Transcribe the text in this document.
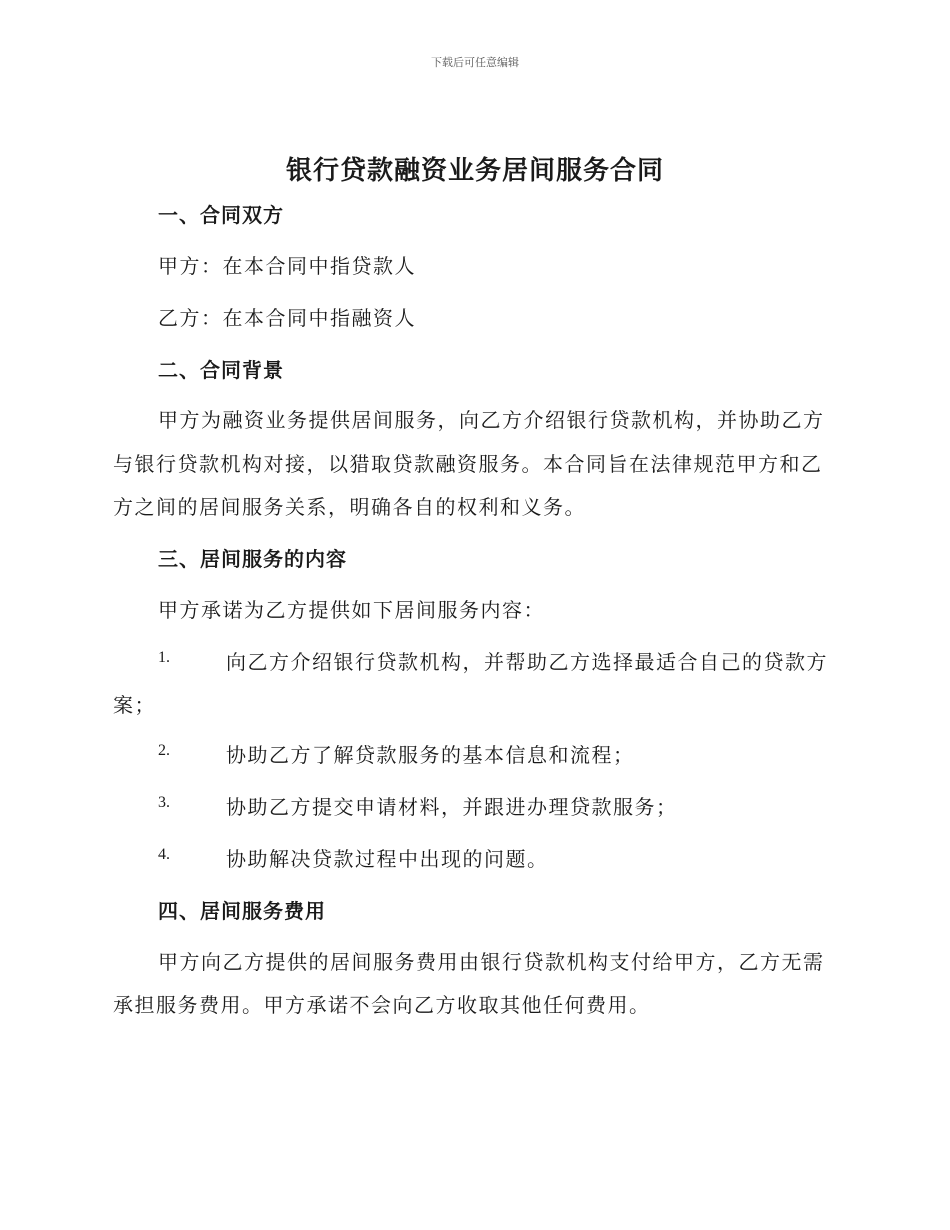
下载后可任意编辑
银行贷款融资业务居间服务合同
一、合同双方
甲方：在本合同中指贷款人
乙方：在本合同中指融资人
二、合同背景
甲方为融资业务提供居间服务，向乙方介绍银行贷款机构，并协助乙方
与银行贷款机构对接，以猎取贷款融资服务。本合同旨在法律规范甲方和乙
方之间的居间服务关系，明确各自的权利和义务。
三、居间服务的内容
甲方承诺为乙方提供如下居间服务内容：
1.	向乙方介绍银行贷款机构，并帮助乙方选择最适合自己的贷款方
案；
2.	协助乙方了解贷款服务的基本信息和流程；
3.	协助乙方提交申请材料，并跟进办理贷款服务；
4.	协助解决贷款过程中出现的问题。
四、居间服务费用
甲方向乙方提供的居间服务费用由银行贷款机构支付给甲方，乙方无需
承担服务费用。甲方承诺不会向乙方收取其他任何费用。
